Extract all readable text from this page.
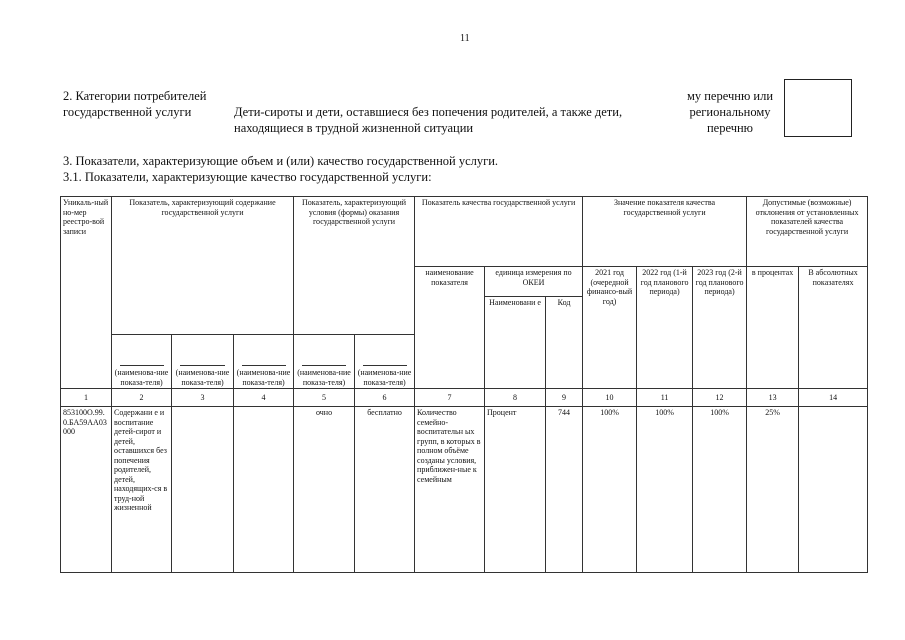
11
2. Категории потребителей
государственной услуги	Дети-сироты и дети, оставшиеся без попечения родителей, а также дети,
находящиеся в трудной жизненной ситуации
му перечню или
региональному
перечню
3. Показатели, характеризующие объем и (или) качество государственной услуги.
3.1. Показатели, характеризующие качество государственной услуги:
Уникаль-ный но-мер реестро-вой записи	Показатель, характеризующий содержание государственной услуги			Показатель, характеризующий условия (формы) оказания государственной услуги		Показатель качества государственной услуги			Значение показателя качества государственной услуги			Допустимые (возможные) отклонения от установленных показателей качества государственной услуги	
						наименование показателя	единица измерения по ОКЕИ		2021 год (очередной финансо-вый год)	2022 год (1-й год планового периода)	2023 год (2-й год планового периода)	в процентах	В абсолютных показателях
							Наименовани е	Код					

(наименова-ние показа-теля)	(наименова-ние показа-теля)	(наименова-ние показа-теля)	(наименова-ние показа-теля)	(наименова-ние показа-теля)								
1	2	3	4	5	6	7	8	9	10	11	12	13	14
853100О.99.0.БА59АА03000	Содержани е и воспитание детей-сирот и детей, оставшихся без попечения родителей, детей, находящих-ся в труд-ной жизненной			очно	бесплатно	Количество семейно-воспитательн ых групп, в которых в полном объёме созданы условия, приближен-ные к семейным	Процент	744	100%	100%	100%	25%	
